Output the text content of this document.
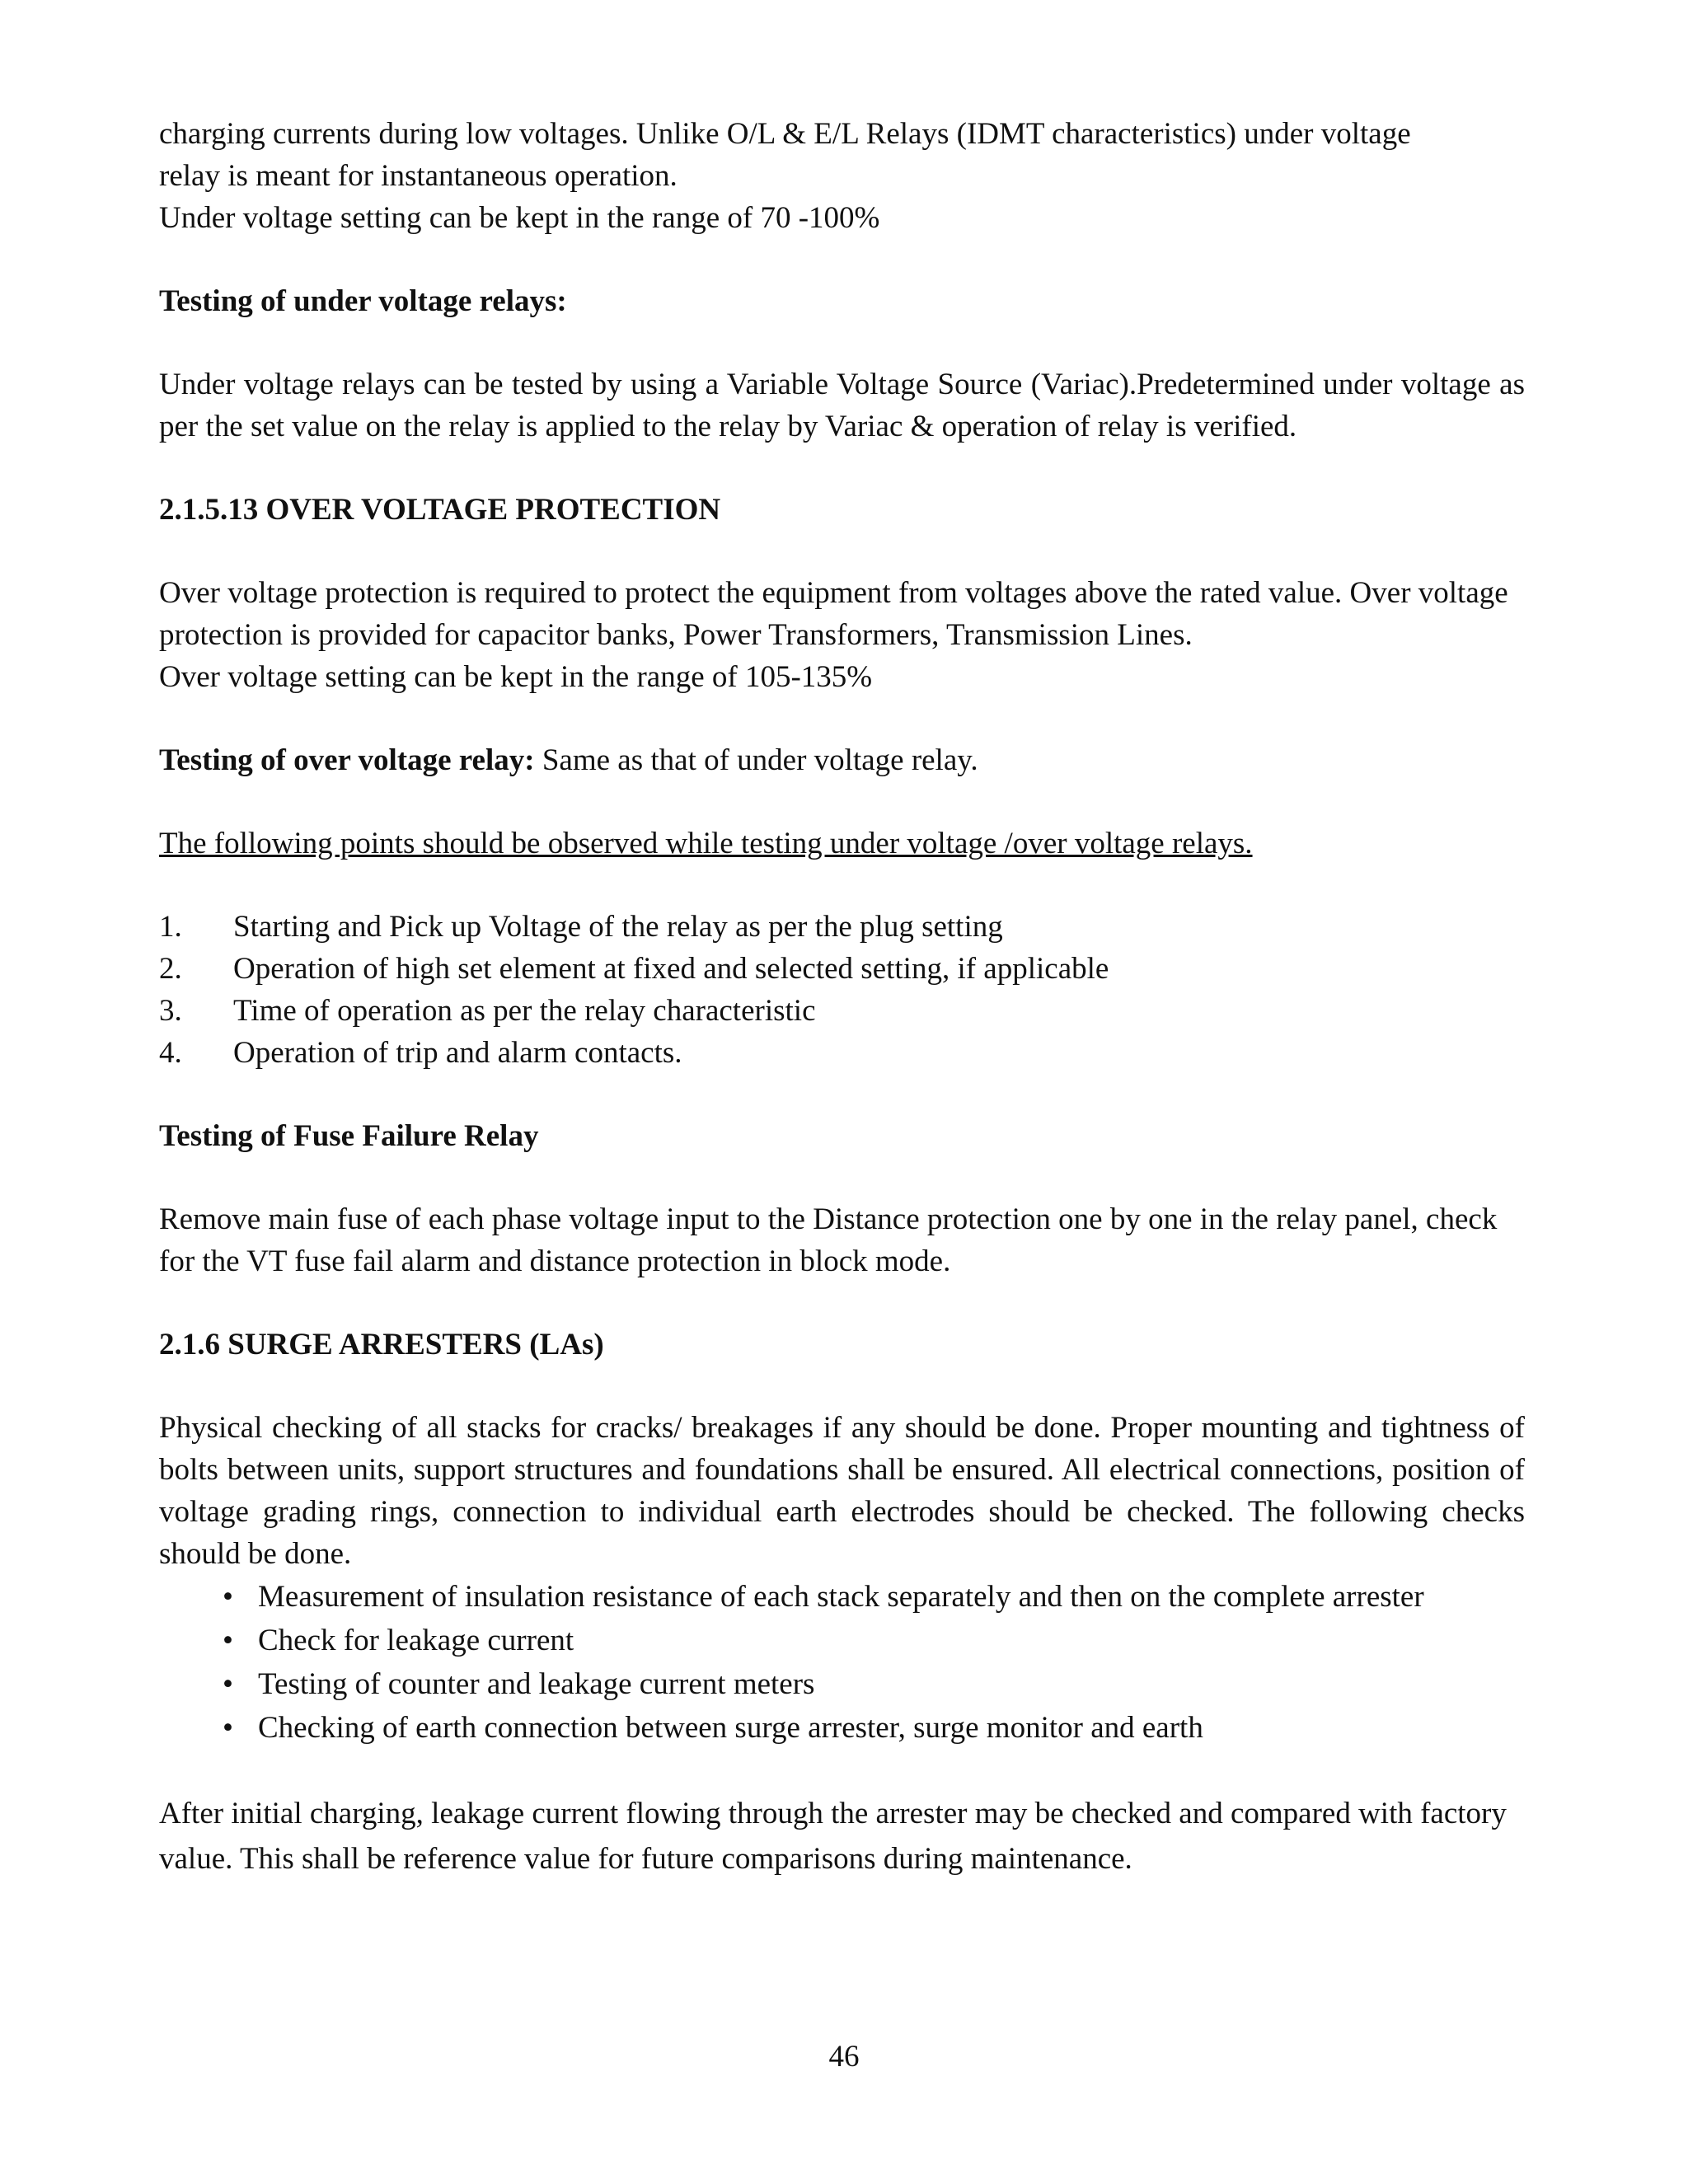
charging currents during low voltages. Unlike O/L & E/L Relays (IDMT characteristics) under voltage

relay is meant for instantaneous operation.

Under voltage setting can be kept in the range of 70 -100%

Testing of under voltage relays:

Under voltage relays can be tested by using a Variable Voltage Source (Variac).Predetermined under voltage as per the set value on the relay is applied to the relay by Variac & operation of relay is verified.

2.1.5.13 OVER VOLTAGE PROTECTION

Over voltage protection is required to protect the equipment from voltages above the rated value. Over voltage protection is provided for capacitor banks, Power Transformers, Transmission Lines.

Over voltage setting can be kept in the range of 105-135%

Testing of over voltage relay: Same as that of under voltage relay.

The following points should be observed while testing under voltage /over voltage relays.

1.	Starting and Pick up Voltage of the relay as per the plug setting
2.	Operation of high set element at fixed and selected setting, if applicable
3.	Time of operation as per the relay characteristic
4.	Operation of trip and alarm contacts.

Testing of Fuse Failure Relay

Remove main fuse of each phase voltage input to the Distance protection one by one in the relay panel, check for the VT fuse fail alarm and distance protection in block mode.

2.1.6 SURGE ARRESTERS (LAs)

Physical checking of all stacks for cracks/ breakages if any should be done. Proper mounting and tightness of bolts between units, support structures and foundations shall be ensured. All electrical connections, position of voltage grading rings, connection to individual earth electrodes should be checked. The following checks should be done.

• Measurement of insulation resistance of each stack separately and then on the complete arrester
• Check for leakage current
• Testing of counter and leakage current meters
• Checking of earth connection between surge arrester, surge monitor and earth

After initial charging, leakage current flowing through the arrester may be checked and compared with factory value. This shall be reference value for future comparisons during maintenance.

46
